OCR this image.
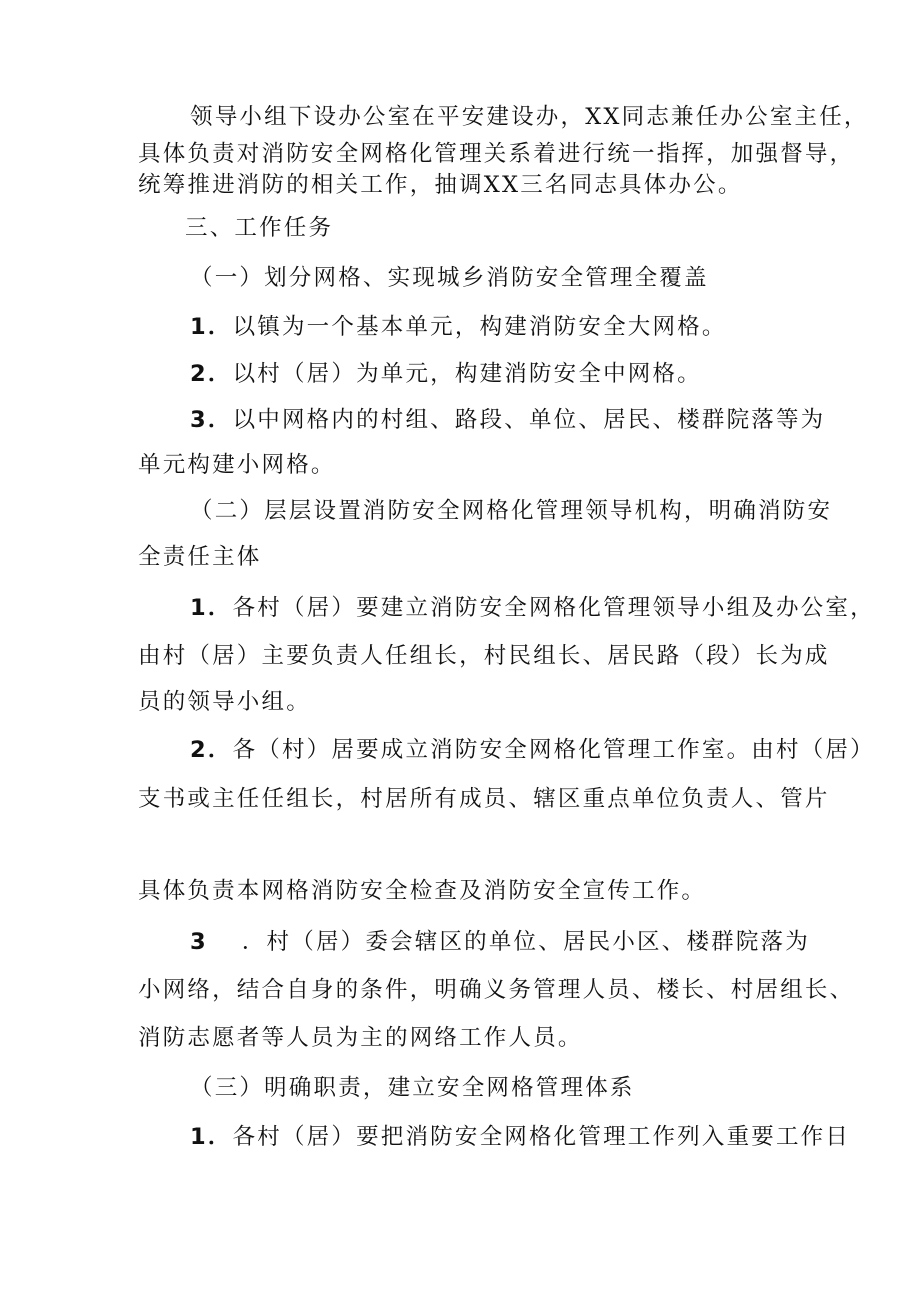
领导小组下设办公室在平安建设办，XX同志兼任办公室主任，

具体负责对消防安全网格化管理关系着进行统一指挥，加强督导，

统筹推进消防的相关工作，抽调XX三名同志具体办公。

三、工作任务

（一）划分网格、实现城乡消防安全管理全覆盖

1．以镇为一个基本单元，构建消防安全大网格。

2．以村（居）为单元，构建消防安全中网格。

3．以中网格内的村组、路段、单位、居民、楼群院落等为

单元构建小网格。

（二）层层设置消防安全网格化管理领导机构，明确消防安

全责任主体

1．各村（居）要建立消防安全网格化管理领导小组及办公室，

由村（居）主要负责人任组长，村民组长、居民路（段）长为成

员的领导小组。

2．各（村）居要成立消防安全网格化管理工作室。由村（居）

支书或主任任组长，村居所有成员、辖区重点单位负责人、管片

具体负责本网格消防安全检查及消防安全宣传工作。

3 ．村（居）委会辖区的单位、居民小区、楼群院落为

小网络，结合自身的条件，明确义务管理人员、楼长、村居组长、

消防志愿者等人员为主的网络工作人员。

（三）明确职责，建立安全网格管理体系

1．各村（居）要把消防安全网格化管理工作列入重要工作日
